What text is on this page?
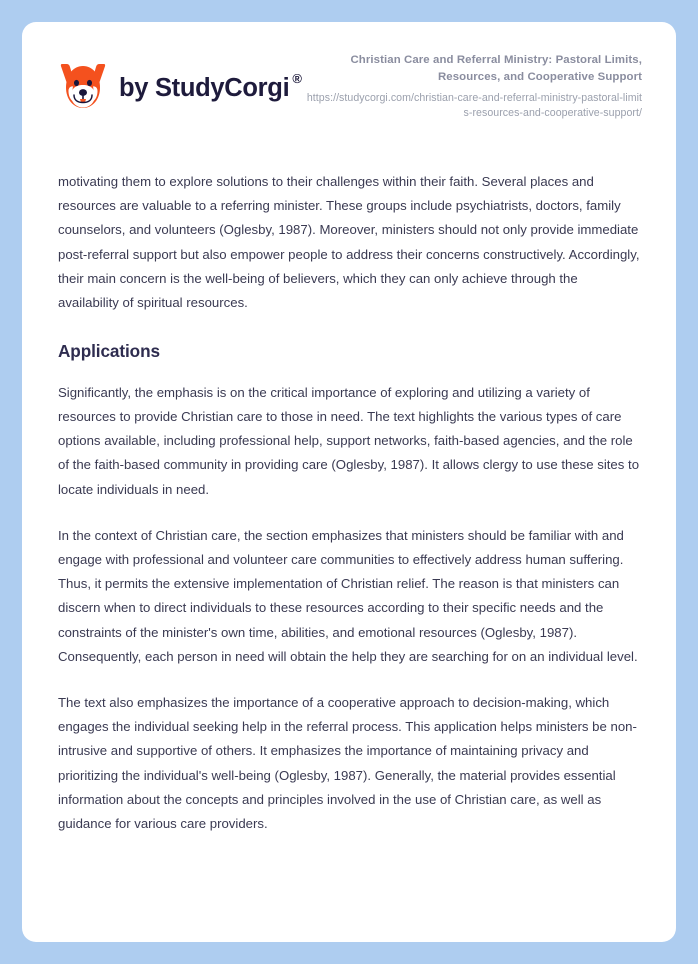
by StudyCorgi ®

Christian Care and Referral Ministry: Pastoral Limits, Resources, and Cooperative Support

https://studycorgi.com/christian-care-and-referral-ministry-pastoral-limits-resources-and-cooperative-support/

motivating them to explore solutions to their challenges within their faith. Several places and resources are valuable to a referring minister. These groups include psychiatrists, doctors, family counselors, and volunteers (Oglesby, 1987). Moreover, ministers should not only provide immediate post-referral support but also empower people to address their concerns constructively. Accordingly, their main concern is the well-being of believers, which they can only achieve through the availability of spiritual resources.

Applications

Significantly, the emphasis is on the critical importance of exploring and utilizing a variety of resources to provide Christian care to those in need. The text highlights the various types of care options available, including professional help, support networks, faith-based agencies, and the role of the faith-based community in providing care (Oglesby, 1987). It allows clergy to use these sites to locate individuals in need.

In the context of Christian care, the section emphasizes that ministers should be familiar with and engage with professional and volunteer care communities to effectively address human suffering. Thus, it permits the extensive implementation of Christian relief. The reason is that ministers can discern when to direct individuals to these resources according to their specific needs and the constraints of the minister's own time, abilities, and emotional resources (Oglesby, 1987). Consequently, each person in need will obtain the help they are searching for on an individual level.

The text also emphasizes the importance of a cooperative approach to decision-making, which engages the individual seeking help in the referral process. This application helps ministers be non-intrusive and supportive of others. It emphasizes the importance of maintaining privacy and prioritizing the individual's well-being (Oglesby, 1987). Generally, the material provides essential information about the concepts and principles involved in the use of Christian care, as well as guidance for various care providers.
